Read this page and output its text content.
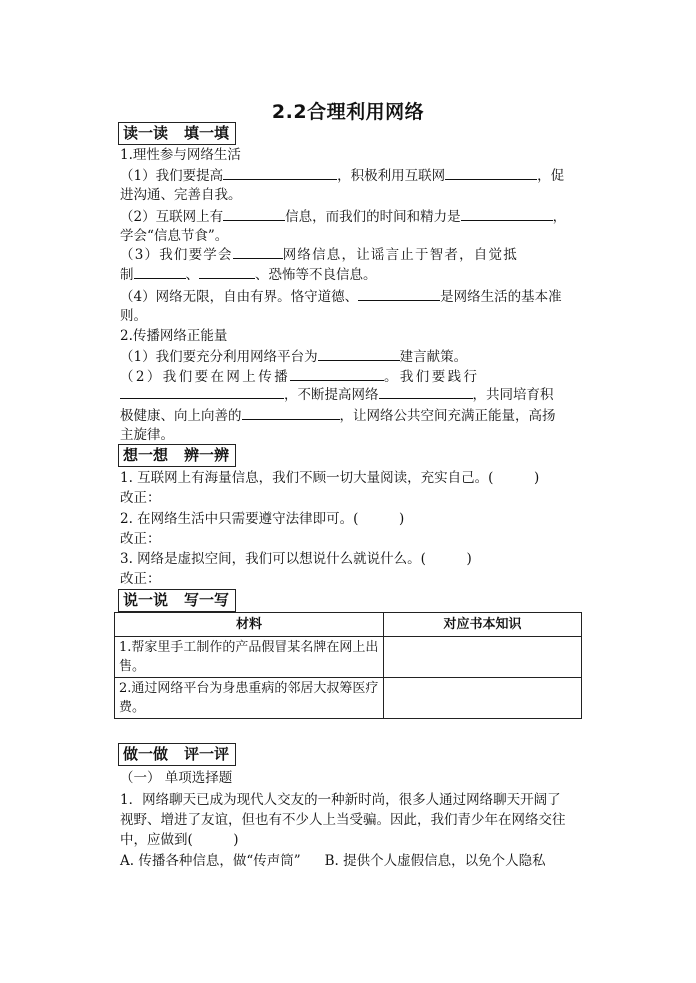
2.2合理利用网络
读一读 填一填
1.理性参与网络生活
（1）我们要提高	，积极利用互联网	，促
进沟通、完善自我。
（2）互联网上有	信息，而我们的时间和精力是	，
学会“信息节食”。
（3）我们要学会	网络信息，让谣言止于智者，自觉抵
制	、	、恐怖等不良信息。
（4）网络无限，自由有界。恪守道德、	是网络生活的基本准
则。
2.传播网络正能量
（1）我们要充分利用网络平台为	建言献策。
（2）我们要在网上传播	。我们要践行
，不断提高网络	，共同培育积
极健康、向上向善的	，让网络公共空间充满正能量，高扬
主旋律。
想一想 辨一辨
1. 互联网上有海量信息，我们不顾一切大量阅读，充实自己。(　　　)
改正：
2. 在网络生活中只需要遵守法律即可。(　　　)
改正：
3. 网络是虚拟空间，我们可以想说什么就说什么。(　　　)
改正：
说一说 写一写
材料	对应书本知识
1.帮家里手工制作的产品假冒某名牌在网上出售。	
2.通过网络平台为身患重病的邻居大叔筹医疗费。	
做一做 评一评
（一） 单项选择题
1．网络聊天已成为现代人交友的一种新时尚，很多人通过网络聊天开阔了
视野、增进了友谊，但也有不少人上当受骗。因此，我们青少年在网络交往
中，应做到(　　　)
A. 传播各种信息，做“传声筒” B. 提供个人虚假信息，以免个人隐私
